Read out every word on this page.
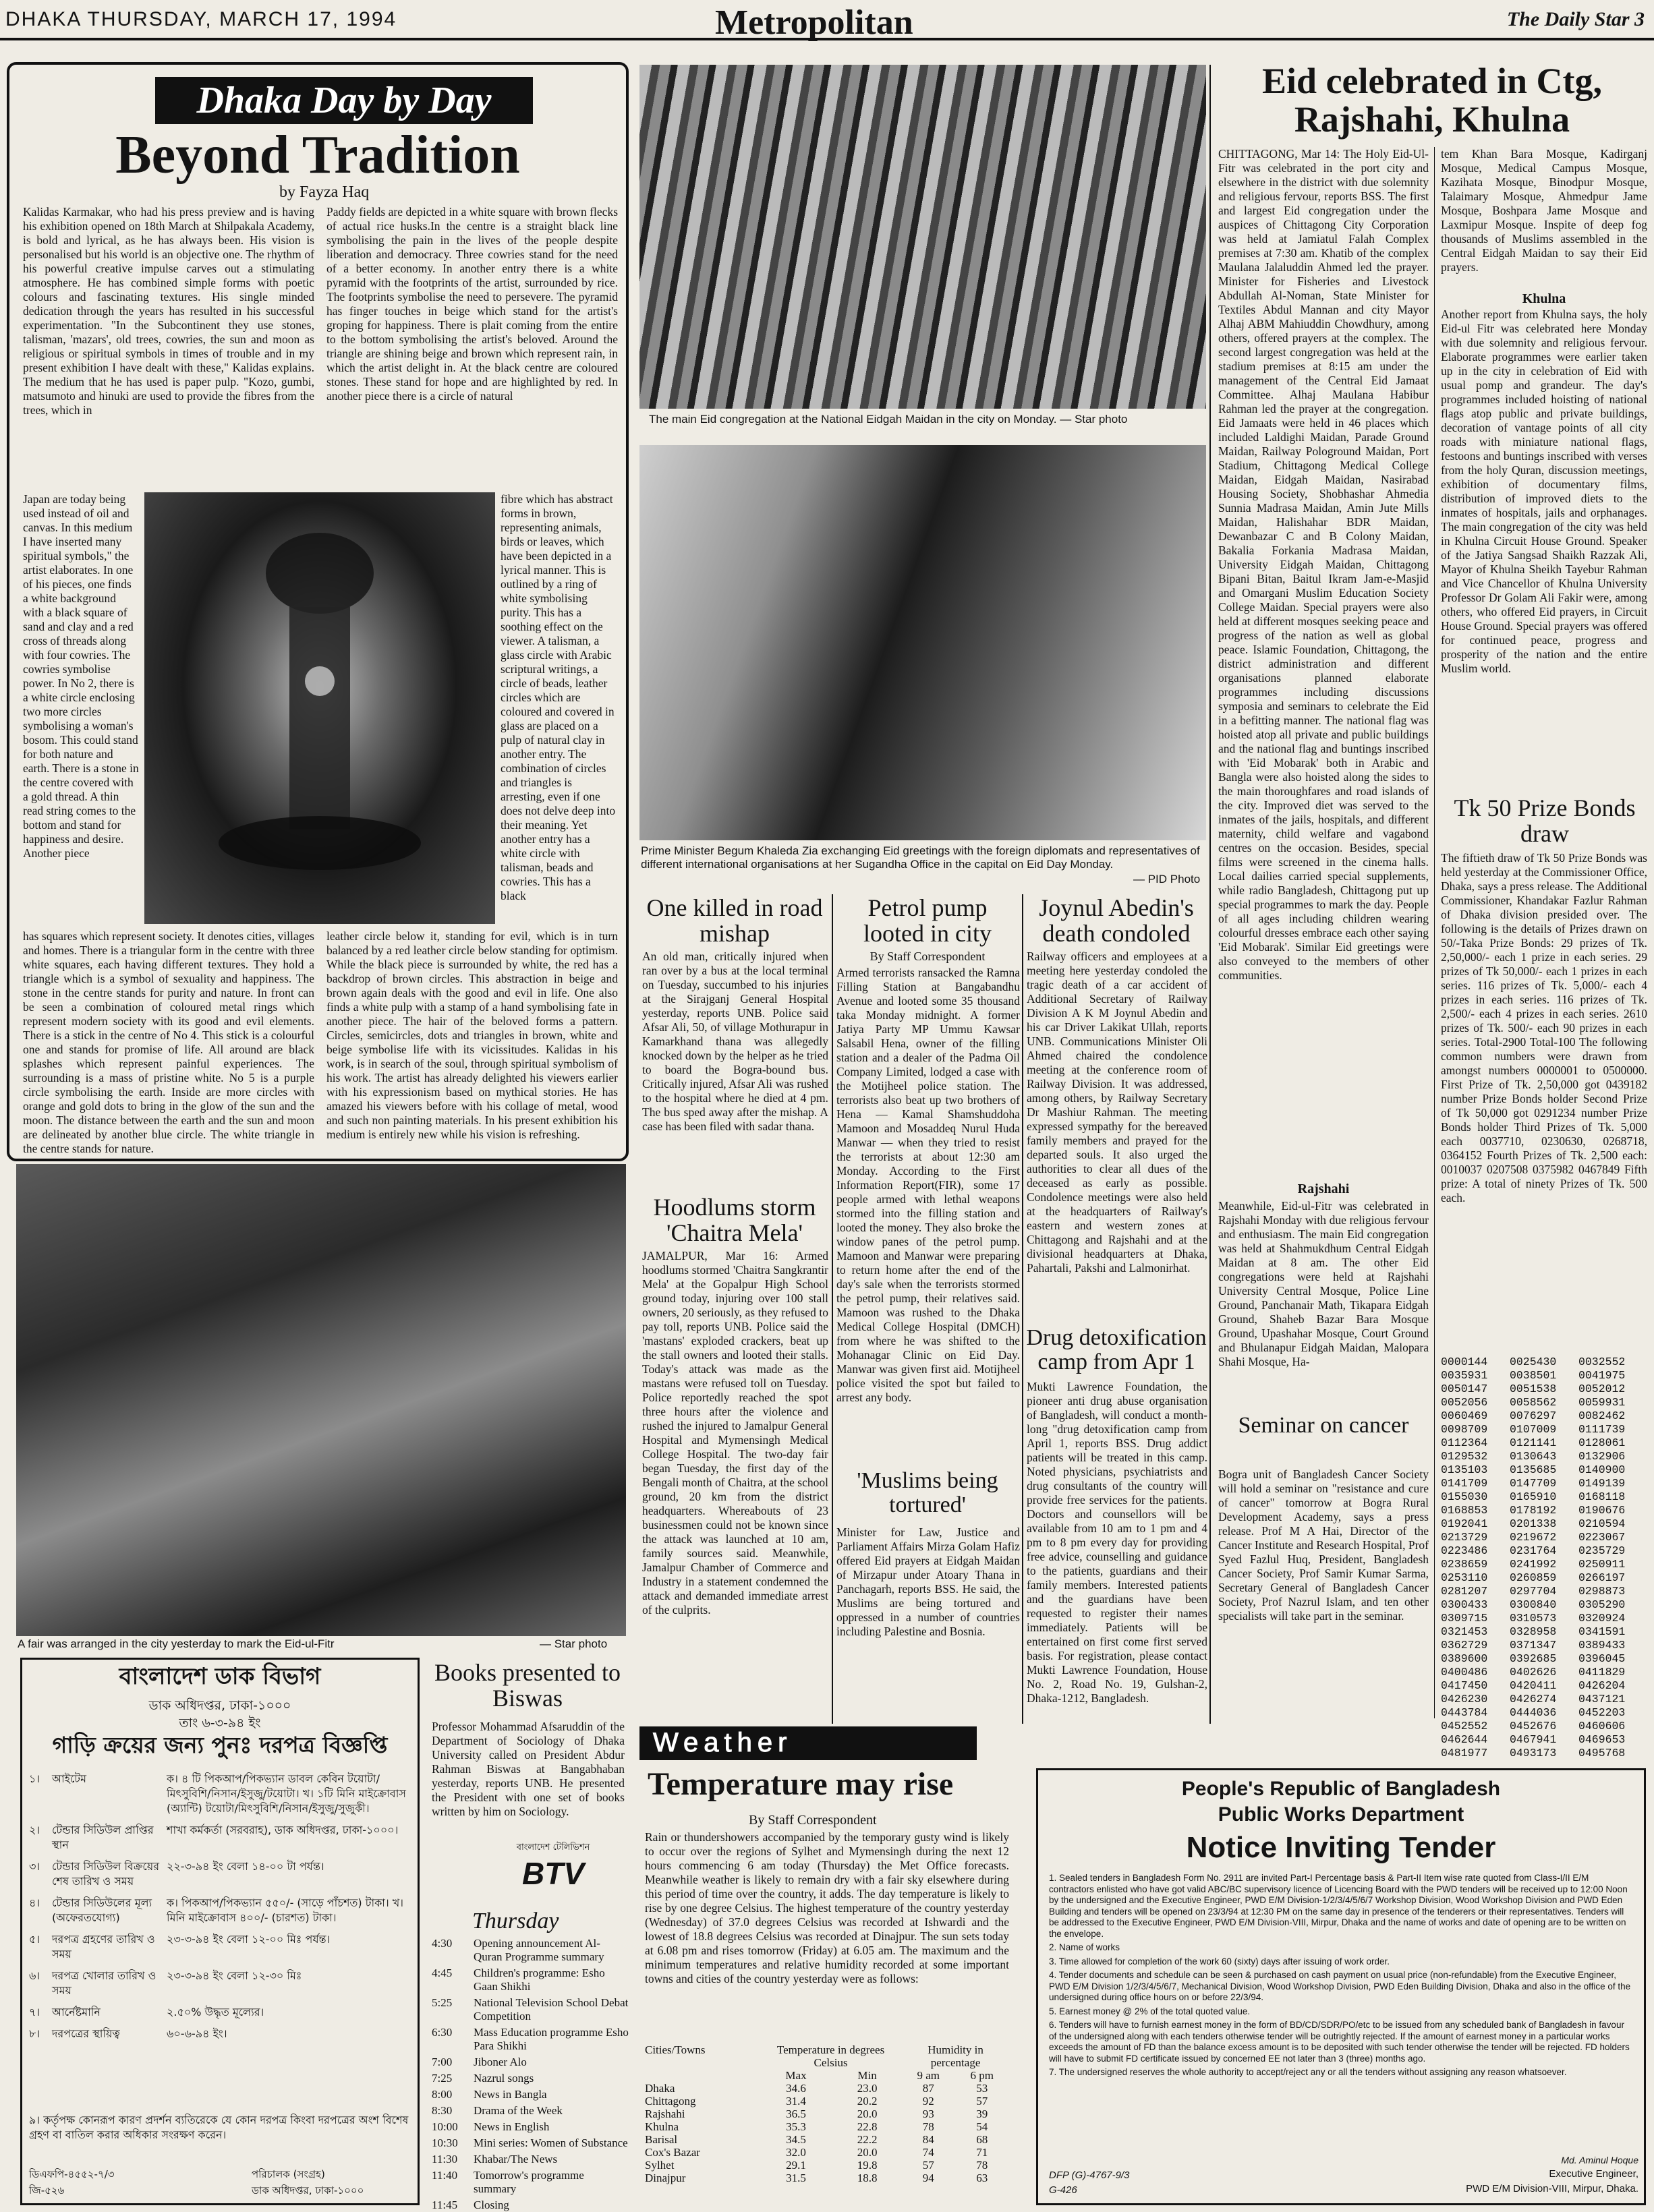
DHAKA THURSDAY, MARCH 17, 1994	Metropolitan	The Daily Star 3
Dhaka Day by Day
Beyond Tradition
by Fayza Haq
Kalidas Karmakar, who had his press preview and is having his exhibition opened on 18th March at Shilpakala Academy, is bold and lyrical, as he has always been. His vision is personalised but his world is an objective one. The rhythm of his powerful creative impulse carves out a stimulating atmosphere. He has combined simple forms with poetic colours and fascinating textures. His single minded dedication through the years has resulted in his successful experimentation. "In the Subcontinent they use stones, talisman, 'mazars', old trees, cowries, the sun and moon as religious or spiritual symbols in times of trouble and in my present exhibition I have dealt with these," Kalidas explains. The medium that he has used is paper pulp. "Kozo, gumbi, matsumoto and hinuki are used to provide the fibres from the trees, which in
Paddy fields are depicted in a white square with brown flecks of actual rice husks.In the centre is a straight black line symbolising the pain in the lives of the people despite liberation and democracy. Three cowries stand for the need of a better economy. In another entry there is a white pyramid with the footprints of the artist, surrounded by rice. The footprints symbolise the need to persevere. The pyramid has finger touches in beige which stand for the artist's groping for happiness. There is plait coming from the entire to the bottom symbolising the artist's beloved. Around the triangle are shining beige and brown which represent rain, in which the artist delight in. At the black centre are coloured stones. These stand for hope and are highlighted by red. In another piece there is a circle of natural
Japan are today being used instead of oil and canvas. In this medium I have inserted many spiritual symbols," the artist elaborates. In one of his pieces, one finds a white background with a black square of sand and clay and a red cross of threads along with four cowries. The cowries symbolise power. In No 2, there is a white circle enclosing two more circles symbolising a woman's bosom. This could stand for both nature and earth. There is a stone in the centre covered with a gold thread. A thin read string comes to the bottom and stand for happiness and desire. Another piece
fibre which has abstract forms in brown, representing animals, birds or leaves, which have been depicted in a lyrical manner. This is outlined by a ring of white symbolising purity. This has a soothing effect on the viewer. A talisman, a glass circle with Arabic scriptural writings, a circle of beads, leather circles which are coloured and covered in glass are placed on a pulp of natural clay in another entry. The combination of circles and triangles is arresting, even if one does not delve deep into their meaning. Yet another entry has a white circle with talisman, beads and cowries. This has a black
has squares which represent society. It denotes cities, villages and homes. There is a triangular form in the centre with three white squares, each having different textures. They hold a triangle which is a symbol of sexuality and happiness. The stone in the centre stands for purity and nature. In front can be seen a combination of coloured metal rings which represent modern society with its good and evil elements. There is a stick in the centre of No 4. This stick is a colourful one and stands for promise of life. All around are black splashes which represent painful experiences. The surrounding is a mass of pristine white. No 5 is a purple circle symbolising the earth. Inside are more circles with orange and gold dots to bring in the glow of the sun and the moon. The distance between the earth and the sun and moon are delineated by another blue circle. The white triangle in the centre stands for nature.
leather circle below it, standing for evil, which is in turn balanced by a red leather circle below standing for optimism. While the black piece is surrounded by white, the red has a backdrop of brown circles. This abstraction in beige and brown again deals with the good and evil in life. One also finds a white pulp with a stamp of a hand symbolising fate in another piece. The hair of the beloved forms a pattern. Circles, semicircles, dots and triangles in brown, white and beige symbolise life with its vicissitudes. Kalidas in his work, is in search of the soul, through spiritual symbolism of his work. The artist has already delighted his viewers earlier with his expressionism based on mythical stories. He has amazed his viewers before with his collage of metal, wood and such non painting materials. In his present exhibition his medium is entirely new while his vision is refreshing.
A fair was arranged in the city yesterday to mark the Eid-ul-Fitr	— Star photo
বাংলাদেশ ডাক বিভাগ
ডাক অধিদপ্তর, ঢাকা-১০০০
তাং ৬-৩-৯৪ ইং
গাড়ি ক্রয়ের জন্য পুনঃ দরপত্র বিজ্ঞপ্তি
১।	আইটেম	ক। ৪ টি পিকআপ/পিকভ্যান ডাবল কেবিন টয়োটা/মিৎসুবিশি/নিসান/ইসুজু/টয়োটা। খ। ১টি মিনি মাইক্রোবাস (অ্যান্টি) টয়োটা/মিৎসুবিশি/নিসান/ইসুজু/সুজুকী।
২।	টেন্ডার সিডিউল প্রাপ্তির স্থান
শাখা কর্মকর্তা (সরবরাহ), ডাক অধিদপ্তর, ঢাকা-১০০০।
৩।	টেন্ডার সিডিউল বিক্রয়ের শেষ তারিখ ও সময়
২২-৩-৯৪ ইং বেলা ১৪-০০ টা পর্যন্ত।
৪।	টেন্ডার সিডিউলের মূল্য (অফেরতযোগ্য)
ক। পিকআপ/পিকভ্যান ৫৫০/- (সাড়ে পাঁচশত) টাকা। খ। মিনি মাইক্রোবাস ৪০০/- (চারশত) টাকা।
৫।	দরপত্র গ্রহণের তারিখ ও সময়
২৩-৩-৯৪ ইং বেলা ১২-০০ মিঃ পর্যন্ত।
৬।	দরপত্র খোলার তারিখ ও সময়
২৩-৩-৯৪ ইং বেলা ১২-৩০ মিঃ
৭।	আর্নেষ্টমানি	২.৫০% উদ্ধৃত মূল্যের।
৮।	দরপত্রের স্থায়িত্ব	৬০-৬-৯৪ ইং।
৯। কর্তৃপক্ষ কোনরূপ কারণ প্রদর্শন ব্যতিরেকে যে কোন দরপত্র কিংবা দরপত্রের অংশ বিশেষ গ্রহণ বা বাতিল করার অধিকার সংরক্ষণ করেন।
ডিএফপি-৪৫৫২-৭/৩
জি-৫২৬
পরিচালক (সংগ্রহ)
ডাক অধিদপ্তর, ঢাকা-১০০০
Books presented to Biswas
Professor Mohammad Afsaruddin of the Department of Sociology of Dhaka University called on President Abdur Rahman Biswas at Bangabhaban yesterday, reports UNB. He presented the President with one set of books written by him on Sociology.
বাংলাদেশ টেলিভিশন
BTV
Thursday
4:30	Opening announcement Al-Quran Programme summary
4:45	Children's programme: Esho Gaan Shikhi
5:25	National Television School Debat Competition
6:30	Mass Education programme Esho Para Shikhi
7:00	Jiboner Alo
7:25	Nazrul songs
8:00	News in Bangla
8:30	Drama of the Week
10:00	News in English
10:30	Mini series: Women of Substance
11:30	Khabar/The News
11:40	Tomorrow's programme summary
11:45	Closing
The main Eid congregation at the National Eidgah Maidan in the city on Monday. — Star photo
Prime Minister Begum Khaleda Zia exchanging Eid greetings with the foreign diplomats and representatives of different international organisations at her Sugandha Office in the capital on Eid Day Monday.
— PID Photo
One killed in road mishap
An old man, critically injured when ran over by a bus at the local terminal on Tuesday, succumbed to his injuries at the Sirajganj General Hospital yesterday, reports UNB. Police said Afsar Ali, 50, of village Mothurapur in Kamarkhand thana was allegedly knocked down by the helper as he tried to board the Bogra-bound bus. Critically injured, Afsar Ali was rushed to the hospital where he died at 4 pm. The bus sped away after the mishap. A case has been filed with sadar thana.
Hoodlums storm 'Chaitra Mela'
JAMALPUR, Mar 16: Armed hoodlums stormed 'Chaitra Sangkrantir Mela' at the Gopalpur High School ground today, injuring over 100 stall owners, 20 seriously, as they refused to pay toll, reports UNB. Police said the 'mastans' exploded crackers, beat up the stall owners and looted their stalls. Today's attack was made as the mastans were refused toll on Tuesday. Police reportedly reached the spot three hours after the violence and rushed the injured to Jamalpur General Hospital and Mymensingh Medical College Hospital. The two-day fair began Tuesday, the first day of the Bengali month of Chaitra, at the school ground, 20 km from the district headquarters. Whereabouts of 23 businessmen could not be known since the attack was launched at 10 am, family sources said. Meanwhile, Jamalpur Chamber of Commerce and Industry in a statement condemned the attack and demanded immediate arrest of the culprits.
Petrol pump looted in city
By Staff Correspondent
Armed terrorists ransacked the Ramna Filling Station at Bangabandhu Avenue and looted some 35 thousand taka Monday midnight. A former Jatiya Party MP Ummu Kawsar Salsabil Hena, owner of the filling station and a dealer of the Padma Oil Company Limited, lodged a case with the Motijheel police station. The terrorists also beat up two brothers of Hena — Kamal Shamshuddoha Mamoon and Mosaddeq Nurul Huda Manwar — when they tried to resist the terrorists at about 12:30 am Monday. According to the First Information Report(FIR), some 17 people armed with lethal weapons stormed into the filling station and looted the money. They also broke the window panes of the petrol pump. Mamoon and Manwar were preparing to return home after the end of the day's sale when the terrorists stormed the petrol pump, their relatives said. Mamoon was rushed to the Dhaka Medical College Hospital (DMCH) from where he was shifted to the Mohanagar Clinic on Eid Day. Manwar was given first aid. Motijheel police visited the spot but failed to arrest any body.
'Muslims being tortured'
Minister for Law, Justice and Parliament Affairs Mirza Golam Hafiz offered Eid prayers at Eidgah Maidan of Mirzapur under Atoary Thana in Panchagarh, reports BSS. He said, the Muslims are being tortured and oppressed in a number of countries including Palestine and Bosnia.
Joynul Abedin's death condoled
Railway officers and employees at a meeting here yesterday condoled the tragic death of a car accident of Additional Secretary of Railway Division A K M Joynul Abedin and his car Driver Lakikat Ullah, reports UNB. Communications Minister Oli Ahmed chaired the condolence meeting at the conference room of Railway Division. It was addressed, among others, by Railway Secretary Dr Mashiur Rahman. The meeting expressed sympathy for the bereaved family members and prayed for the departed souls. It also urged the authorities to clear all dues of the deceased as early as possible. Condolence meetings were also held at the headquarters of Railway's eastern and western zones at Chittagong and Rajshahi and at the divisional headquarters at Dhaka, Pahartali, Pakshi and Lalmonirhat.
Drug detoxification camp from Apr 1
Mukti Lawrence Foundation, the pioneer anti drug abuse organisation of Bangladesh, will conduct a month-long "drug detoxification camp from April 1, reports BSS. Drug addict patients will be treated in this camp. Noted physicians, psychiatrists and drug consultants of the country will provide free services for the patients. Doctors and counsellors will be available from 10 am to 1 pm and 4 pm to 8 pm every day for providing free advice, counselling and guidance to the patients, guardians and their family members. Interested patients and the guardians have been requested to register their names immediately. Patients will be entertained on first come first served basis. For registration, please contact Mukti Lawrence Foundation, House No. 2, Road No. 19, Gulshan-2, Dhaka-1212, Bangladesh.
Eid celebrated in Ctg, Rajshahi, Khulna
CHITTAGONG, Mar 14: The Holy Eid-Ul-Fitr was celebrated in the port city and elsewhere in the district with due solemnity and religious fervour, reports BSS. The first and largest Eid congregation under the auspices of Chittagong City Corporation was held at Jamiatul Falah Complex premises at 7:30 am. Khatib of the complex Maulana Jalaluddin Ahmed led the prayer. Minister for Fisheries and Livestock Abdullah Al-Noman, State Minister for Textiles Abdul Mannan and city Mayor Alhaj ABM Mahiuddin Chowdhury, among others, offered prayers at the complex. The second largest congregation was held at the stadium premises at 8:15 am under the management of the Central Eid Jamaat Committee. Alhaj Maulana Habibur Rahman led the prayer at the congregation. Eid Jamaats were held in 46 places which included Laldighi Maidan, Parade Ground Maidan, Railway Pologround Maidan, Port Stadium, Chittagong Medical College Maidan, Eidgah Maidan, Nasirabad Housing Society, Shobhashar Ahmedia Sunnia Madrasa Maidan, Amin Jute Mills Maidan, Halishahar BDR Maidan, Dewanbazar C and B Colony Maidan, Bakalia Forkania Madrasa Maidan, University Eidgah Maidan, Chittagong Bipani Bitan, Baitul Ikram Jam-e-Masjid and Omargani Muslim Education Society College Maidan. Special prayers were also held at different mosques seeking peace and progress of the nation as well as global peace. Islamic Foundation, Chittagong, the district administration and different organisations planned elaborate programmes including discussions symposia and seminars to celebrate the Eid in a befitting manner. The national flag was hoisted atop all private and public buildings and the national flag and buntings inscribed with 'Eid Mobarak' both in Arabic and Bangla were also hoisted along the sides to the main thoroughfares and road islands of the city. Improved diet was served to the inmates of the jails, hospitals, and different maternity, child welfare and vagabond centres on the occasion. Besides, special films were screened in the cinema halls. Local dailies carried special supplements, while radio Bangladesh, Chittagong put up special programmes to mark the day. People of all ages including children wearing colourful dresses embrace each other saying 'Eid Mobarak'. Similar Eid greetings were also conveyed to the members of other communities.
Rajshahi
Meanwhile, Eid-ul-Fitr was celebrated in Rajshahi Monday with due religious fervour and enthusiasm. The main Eid congregation was held at Shahmukdhum Central Eidgah Maidan at 8 am. The other Eid congregations were held at Rajshahi University Central Mosque, Police Line Ground, Panchanair Math, Tikapara Eidgah Ground, Shaheb Bazar Bara Mosque Ground, Upashahar Mosque, Court Ground and Bhulanapur Eidgah Maidan, Malopara Shahi Mosque, Ha-
tem Khan Bara Mosque, Kadirganj Mosque, Medical Campus Mosque, Kazihata Mosque, Binodpur Mosque, Talaimary Mosque, Ahmedpur Jame Mosque, Boshpara Jame Mosque and Laxmipur Mosque. Inspite of deep fog thousands of Muslims assembled in the Central Eidgah Maidan to say their Eid prayers.
Khulna
Another report from Khulna says, the holy Eid-ul Fitr was celebrated here Monday with due solemnity and religious fervour. Elaborate programmes were earlier taken up in the city in celebration of Eid with usual pomp and grandeur. The day's programmes included hoisting of national flags atop public and private buildings, decoration of vantage points of all city roads with miniature national flags, festoons and buntings inscribed with verses from the holy Quran, discussion meetings, exhibition of documentary films, distribution of improved diets to the inmates of hospitals, jails and orphanages. The main congregation of the city was held in Khulna Circuit House Ground. Speaker of the Jatiya Sangsad Shaikh Razzak Ali, Mayor of Khulna Sheikh Tayebur Rahman and Vice Chancellor of Khulna University Professor Dr Golam Ali Fakir were, among others, who offered Eid prayers, in Circuit House Ground. Special prayers was offered for continued peace, progress and prosperity of the nation and the entire Muslim world.
Seminar on cancer
Bogra unit of Bangladesh Cancer Society will hold a seminar on "resistance and cure of cancer" tomorrow at Bogra Rural Development Academy, says a press release. Prof M A Hai, Director of the Cancer Institute and Research Hospital, Prof Syed Fazlul Huq, President, Bangladesh Cancer Society, Prof Samir Kumar Sarma, Secretary General of Bangladesh Cancer Society, Prof Nazrul Islam, and ten other specialists will take part in the seminar.
Tk 50 Prize Bonds draw
The fiftieth draw of Tk 50 Prize Bonds was held yesterday at the Commissioner Office, Dhaka, says a press release. The Additional Commissioner, Khandakar Fazlur Rahman of Dhaka division presided over. The following is the details of Prizes drawn on 50/-Taka Prize Bonds: 29 prizes of Tk. 2,50,000/- each 1 prize in each series. 29 prizes of Tk 50,000/- each 1 prizes in each series. 116 prizes of Tk. 5,000/- each 4 prizes in each series. 116 prizes of Tk. 2,500/- each 4 prizes in each series. 2610 prizes of Tk. 500/- each 90 prizes in each series. Total-2900 Total-100 The following common numbers were drawn from amongst numbers 0000001 to 0500000. First Prize of Tk. 2,50,000 got 0439182 number Prize Bonds holder Second Prize of Tk 50,000 got 0291234 number Prize Bonds holder Third Prizes of Tk. 5,000 each 0037710, 0230630, 0268718, 0364152 Fourth Prizes of Tk. 2,500 each: 0010037 0207508 0375982 0467849 Fifth prize: A total of ninety Prizes of Tk. 500 each.
0000144	0025430	0032552
0035931	0038501	0041975
0050147	0051538	0052012
0052056	0058562	0059931
0060469	0076297	0082462
0098709	0107009	0111739
0112364	0121141	0128061
0129532	0130643	0132906
0135103	0135685	0140900
0141709	0147709	0149139
0155030	0165910	0168118
0168853	0178192	0190676
0192041	0201338	0210594
0213729	0219672	0223067
0223486	0231764	0235729
0238659	0241992	0250911
0253110	0260859	0266197
0281207	0297704	0298873
0300433	0300840	0305290
0309715	0310573	0320924
0321453	0328958	0341591
0362729	0371347	0389433
0389600	0392685	0396045
0400486	0402626	0411829
0417450	0420411	0426204
0426230	0426274	0437121
0443784	0444036	0452203
0452552	0452676	0460606
0462644	0467941	0469653
0481977	0493173	0495768
Weather
Temperature may rise
By Staff Correspondent
Rain or thundershowers accompanied by the temporary gusty wind is likely to occur over the regions of Sylhet and Mymensingh during the next 12 hours commencing 6 am today (Thursday) the Met Office forecasts. Meanwhile weather is likely to remain dry with a fair sky elsewhere during this period of time over the country, it adds. The day temperature is likely to rise by one degree Celsius. The highest temperature of the country yesterday (Wednesday) of 37.0 degrees Celsius was recorded at Ishwardi and the lowest of 18.8 degrees Celsius was recorded at Dinajpur. The sun sets today at 6.08 pm and rises tomorrow (Friday) at 6.05 am. The maximum and the minimum temperatures and relative humidity recorded at some important towns and cities of the country yesterday were as follows:
Cities/Towns	Temperature in degrees Celsius		Humidity in percentage	
	Max	Min	9 am	6 pm
Dhaka	34.6	23.0	87	53
Chittagong	31.4	20.2	92	57
Rajshahi	36.5	20.0	93	39
Khulna	35.3	22.8	78	54
Barisal	34.5	22.2	84	68
Cox's Bazar	32.0	20.0	74	71
Sylhet	29.1	19.8	57	78
Dinajpur	31.5	18.8	94	63
People's Republic of Bangladesh
Public Works Department
Notice Inviting Tender
1. Sealed tenders in Bangladesh Form No. 2911 are invited Part-I Percentage basis & Part-II Item wise rate quoted from Class-I/II E/M contractors enlisted who have got valid ABC/BC supervisory licence of Licencing Board with the PWD tenders will be received up to 12:00 Noon by the undersigned and the Executive Engineer, PWD E/M Division-1/2/3/4/5/6/7 Workshop Division, Wood Workshop Division and PWD Eden Building and tenders will be opened on 23/3/94 at 12:30 PM on the same day in presence of the tenderers or their representatives. Tenders will be addressed to the Executive Engineer, PWD E/M Division-VIII, Mirpur, Dhaka and the name of works and date of opening are to be written on the envelope.
2. Name of works
3. Time allowed for completion of the work 60 (sixty) days after issuing of work order.
4. Tender documents and schedule can be seen & purchased on cash payment on usual price (non-refundable) from the Executive Engineer, PWD E/M Division 1/2/3/4/5/6/7, Mechanical Division, Wood Workshop Division, PWD Eden Building Division, Dhaka and also in the office of the undersigned during office hours on or before 22/3/94.
5. Earnest money @ 2% of the total quoted value.
6. Tenders will have to furnish earnest money in the form of BD/CD/SDR/PO/etc to be issued from any scheduled bank of Bangladesh in favour of the undersigned along with each tenders otherwise tender will be outrightly rejected. If the amount of earnest money in a particular works exceeds the amount of FD than the balance excess amount is to be deposited with such tender otherwise the tender will be rejected. FD holders will have to submit FD certificate issued by concerned EE not later than 3 (three) months ago.
7. The undersigned reserves the whole authority to accept/reject any or all the tenders without assigning any reason whatsoever.
DFP (G)-4767-9/3
G-426
Md. Aminul Hoque
Executive Engineer,
PWD E/M Division-VIII, Mirpur, Dhaka.
